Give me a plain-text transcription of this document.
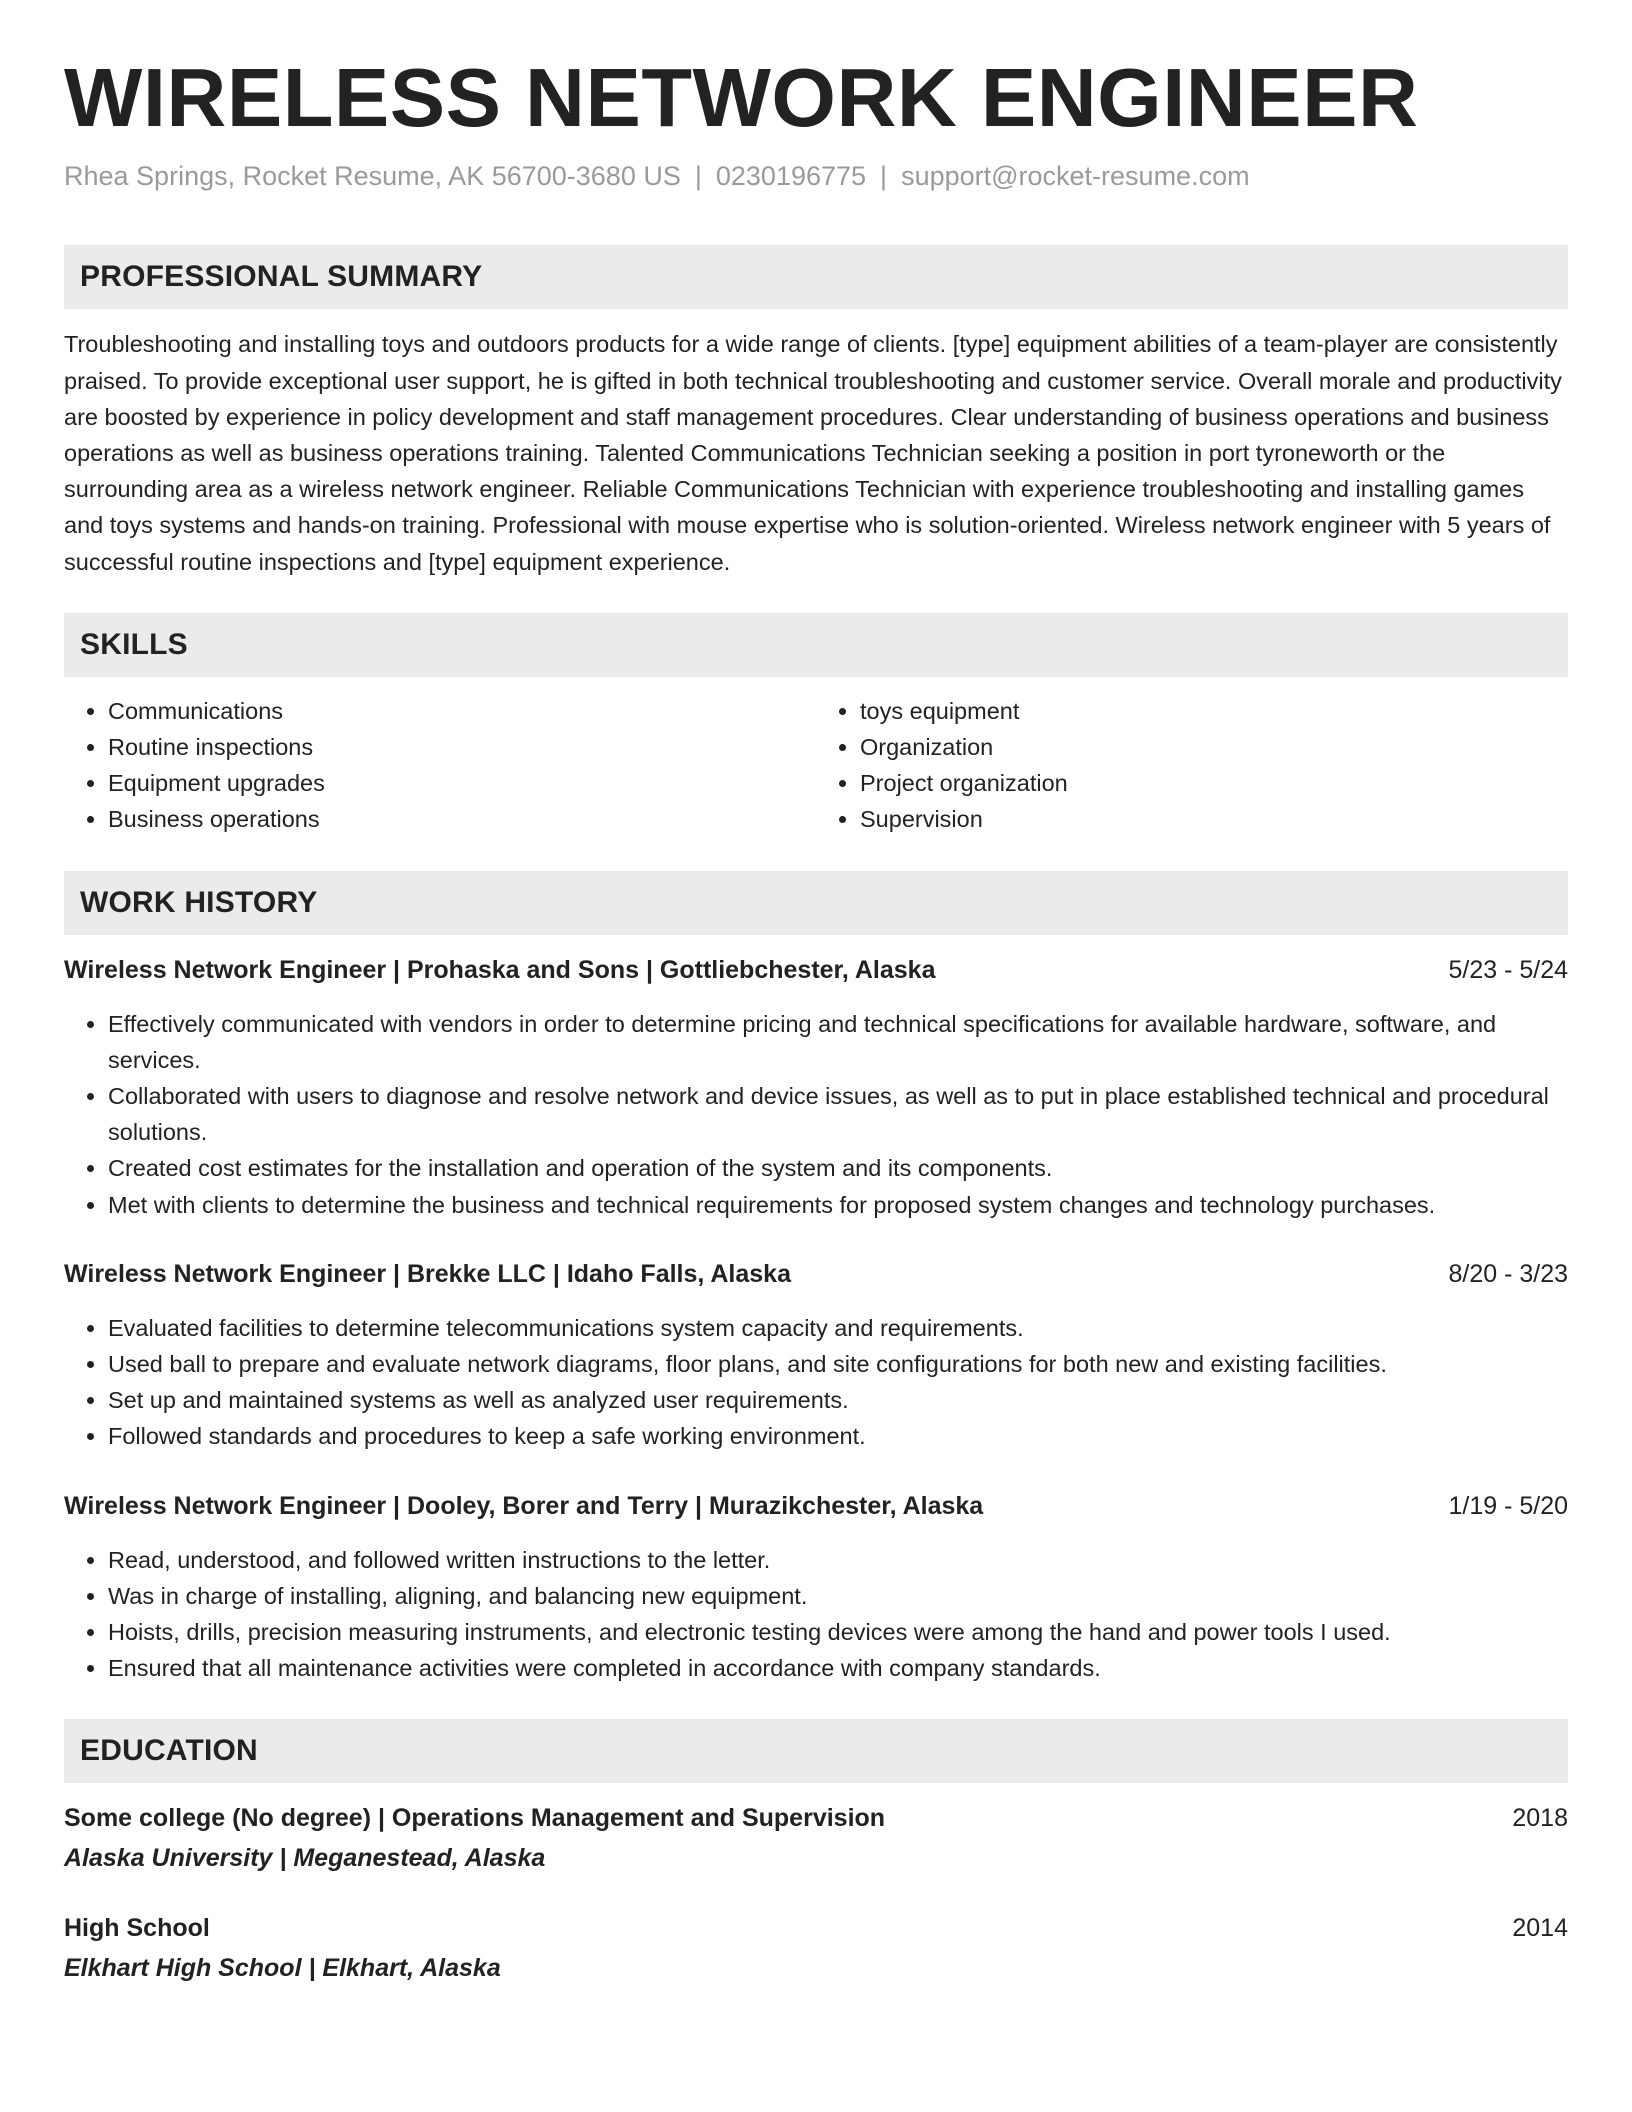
WIRELESS NETWORK ENGINEER
Rhea Springs, Rocket Resume, AK 56700-3680 US | 0230196775 | support@rocket-resume.com
PROFESSIONAL SUMMARY
Troubleshooting and installing toys and outdoors products for a wide range of clients. [type] equipment abilities of a team-player are consistently praised. To provide exceptional user support, he is gifted in both technical troubleshooting and customer service. Overall morale and productivity are boosted by experience in policy development and staff management procedures. Clear understanding of business operations and business operations as well as business operations training. Talented Communications Technician seeking a position in port tyroneworth or the surrounding area as a wireless network engineer. Reliable Communications Technician with experience troubleshooting and installing games and toys systems and hands-on training. Professional with mouse expertise who is solution-oriented. Wireless network engineer with 5 years of successful routine inspections and [type] equipment experience.
SKILLS
• Communications
• Routine inspections
• Equipment upgrades
• Business operations
• toys equipment
• Organization
• Project organization
• Supervision
WORK HISTORY
Wireless Network Engineer | Prohaska and Sons | Gottliebchester, Alaska	5/23 - 5/24
• Effectively communicated with vendors in order to determine pricing and technical specifications for available hardware, software, and services.
• Collaborated with users to diagnose and resolve network and device issues, as well as to put in place established technical and procedural solutions.
• Created cost estimates for the installation and operation of the system and its components.
• Met with clients to determine the business and technical requirements for proposed system changes and technology purchases.
Wireless Network Engineer | Brekke LLC | Idaho Falls, Alaska	8/20 - 3/23
• Evaluated facilities to determine telecommunications system capacity and requirements.
• Used ball to prepare and evaluate network diagrams, floor plans, and site configurations for both new and existing facilities.
• Set up and maintained systems as well as analyzed user requirements.
• Followed standards and procedures to keep a safe working environment.
Wireless Network Engineer | Dooley, Borer and Terry | Murazikchester, Alaska	1/19 - 5/20
• Read, understood, and followed written instructions to the letter.
• Was in charge of installing, aligning, and balancing new equipment.
• Hoists, drills, precision measuring instruments, and electronic testing devices were among the hand and power tools I used.
• Ensured that all maintenance activities were completed in accordance with company standards.
EDUCATION
Some college (No degree) | Operations Management and Supervision	2018
Alaska University | Meganestead, Alaska
High School	2014
Elkhart High School | Elkhart, Alaska
